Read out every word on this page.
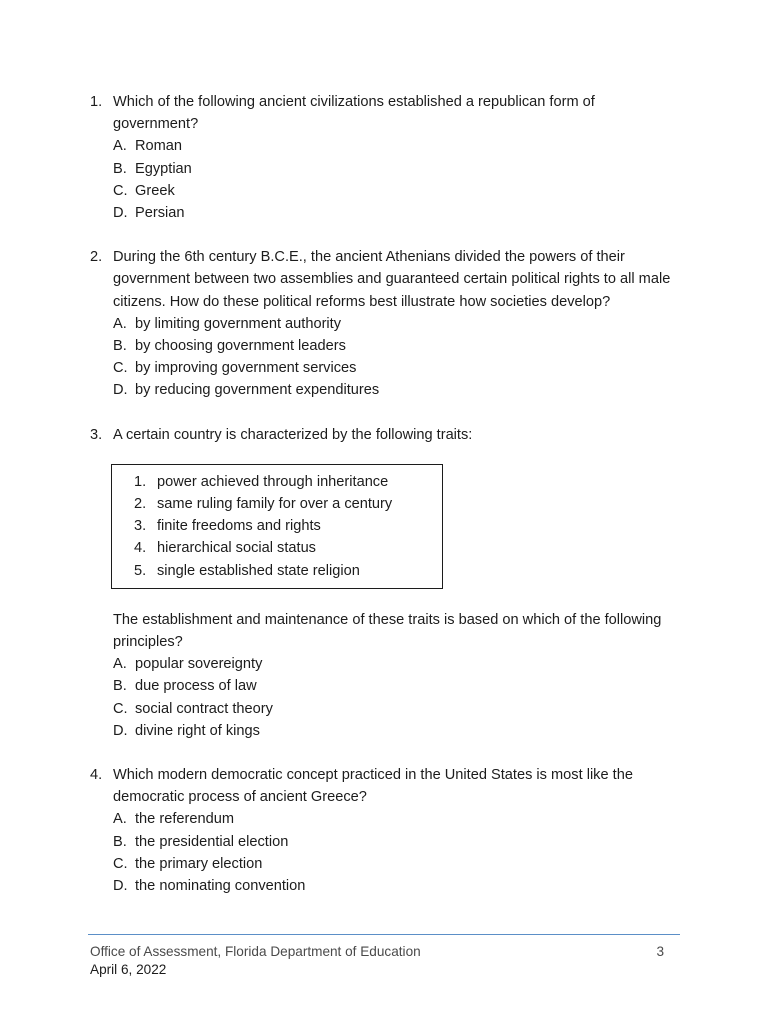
1. Which of the following ancient civilizations established a republican form of government?

A. Roman
B. Egyptian
C. Greek
D. Persian
2. During the 6th century B.C.E., the ancient Athenians divided the powers of their government between two assemblies and guaranteed certain political rights to all male citizens. How do these political reforms best illustrate how societies develop?

A. by limiting government authority
B. by choosing government leaders
C. by improving government services
D. by reducing government expenditures
3. A certain country is characterized by the following traits:

1. power achieved through inheritance
2. same ruling family for over a century
3. finite freedoms and rights
4. hierarchical social status
5. single established state religion

The establishment and maintenance of these traits is based on which of the following principles?

A. popular sovereignty
B. due process of law
C. social contract theory
D. divine right of kings
4. Which modern democratic concept practiced in the United States is most like the democratic process of ancient Greece?

A. the referendum
B. the presidential election
C. the primary election
D. the nominating convention
Office of Assessment, Florida Department of Education
April 6, 2022
3
